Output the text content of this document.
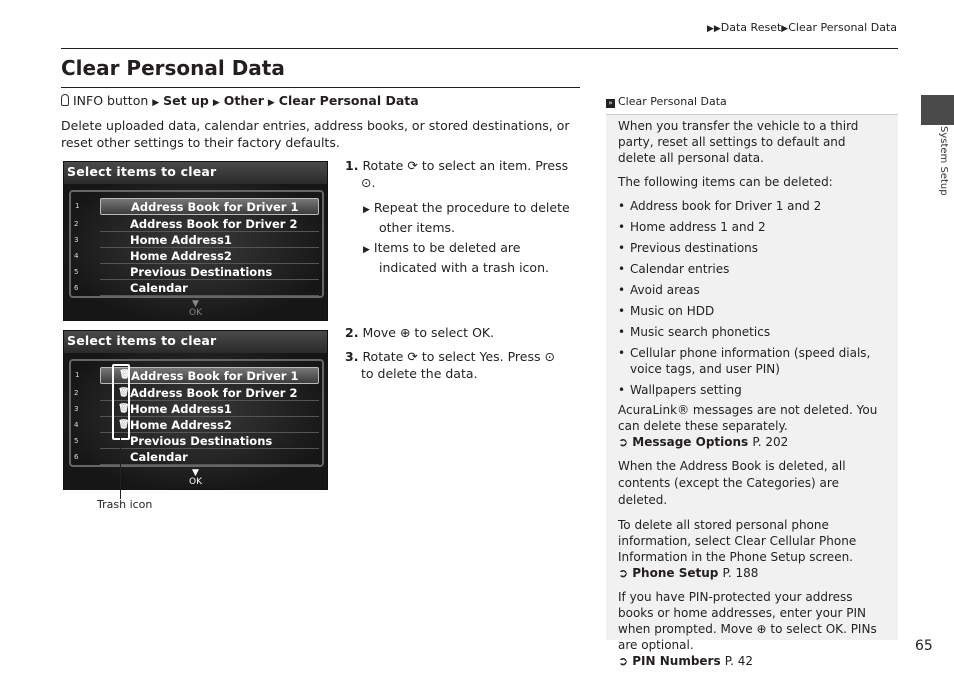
▶▶Data Reset▶Clear Personal Data
Clear Personal Data
INFO button ▶ Set up ▶ Other ▶ Clear Personal Data
Delete uploaded data, calendar entries, address books, or stored destinations, or reset other settings to their factory defaults.
Select items to clear
1	Address Book for Driver 1
2	Address Book for Driver 2
3	Home Address1
4	Home Address2
5	Previous Destinations
6	Calendar
▼
OK
Select items to clear
1	🗑 Address Book for Driver 1
2	🗑 Address Book for Driver 2
3	🗑 Home Address1
4	🗑 Home Address2
5	Previous Destinations
6	Calendar
▼
OK
Trash icon
1. Rotate ⟳ to select an item. Press
⊙.
▶ Repeat the procedure to delete other items.
▶ Items to be deleted are indicated with a trash icon.
2. Move ⊕ to select OK.
3. Rotate ⟳ to select Yes. Press ⊙
to delete the data.
» Clear Personal Data
When you transfer the vehicle to a third party, reset all settings to default and delete all personal data.
The following items can be deleted:
• Address book for Driver 1 and 2
• Home address 1 and 2
• Previous destinations
• Calendar entries
• Avoid areas
• Music on HDD
• Music search phonetics
• Cellular phone information (speed dials, voice tags, and user PIN)
• Wallpapers setting
AcuraLink® messages are not deleted. You can delete these separately.
➲ Message Options P. 202
When the Address Book is deleted, all contents (except the Categories) are deleted.
To delete all stored personal phone information, select Clear Cellular Phone Information in the Phone Setup screen.
➲ Phone Setup P. 188
If you have PIN-protected your address books or home addresses, enter your PIN when prompted. Move ⊕ to select OK. PINs are optional.
➲ PIN Numbers P. 42
System Setup
65
